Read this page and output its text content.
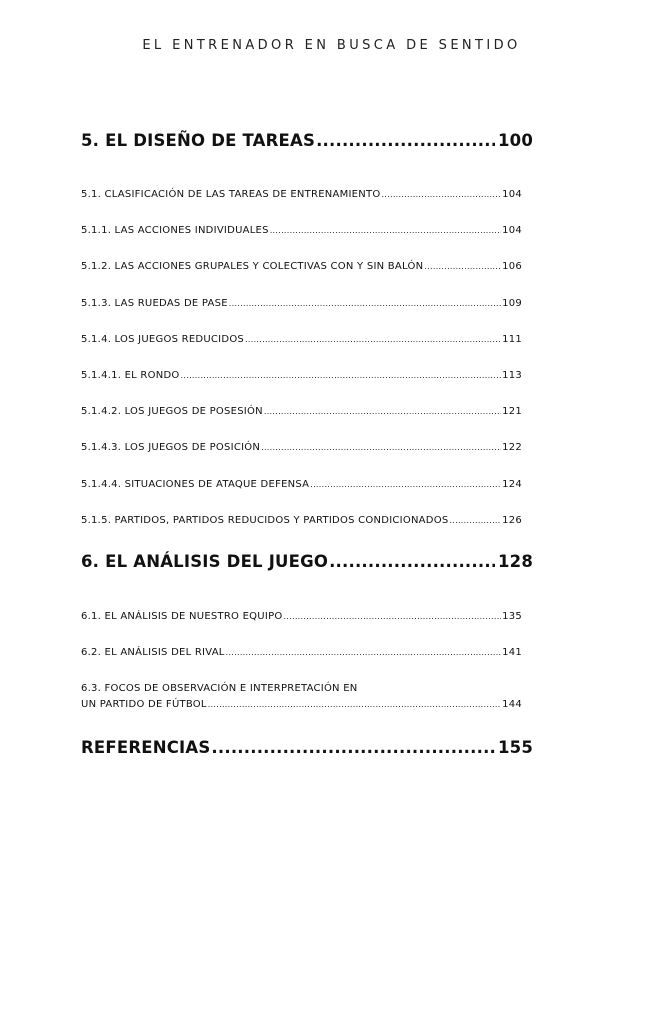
EL ENTRENADOR EN BUSCA DE SENTIDO
5. EL DISEÑO DE TAREAS .....	100
5.1. CLASIFICACIÓN DE LAS TAREAS DE ENTRENAMIENTO .....	104
5.1.1. LAS ACCIONES INDIVIDUALES .....	104
5.1.2. LAS ACCIONES GRUPALES Y COLECTIVAS CON Y SIN BALÓN .....	106
5.1.3. LAS RUEDAS DE PASE .....	109
5.1.4. LOS JUEGOS REDUCIDOS .....	111
5.1.4.1. EL RONDO .....	113
5.1.4.2. LOS JUEGOS DE POSESIÓN .....	121
5.1.4.3. LOS JUEGOS DE POSICIÓN .....	122
5.1.4.4. SITUACIONES DE ATAQUE DEFENSA .....	124
5.1.5. PARTIDOS, PARTIDOS REDUCIDOS Y PARTIDOS CONDICIONADOS .....	126
6. EL ANÁLISIS DEL JUEGO .....	128
6.1. EL ANÁLISIS DE NUESTRO EQUIPO .....	135
6.2. EL ANÁLISIS DEL RIVAL .....	141
6.3. FOCOS DE OBSERVACIÓN E INTERPRETACIÓN EN
UN PARTIDO DE FÚTBOL .....	144
REFERENCIAS .....	155
